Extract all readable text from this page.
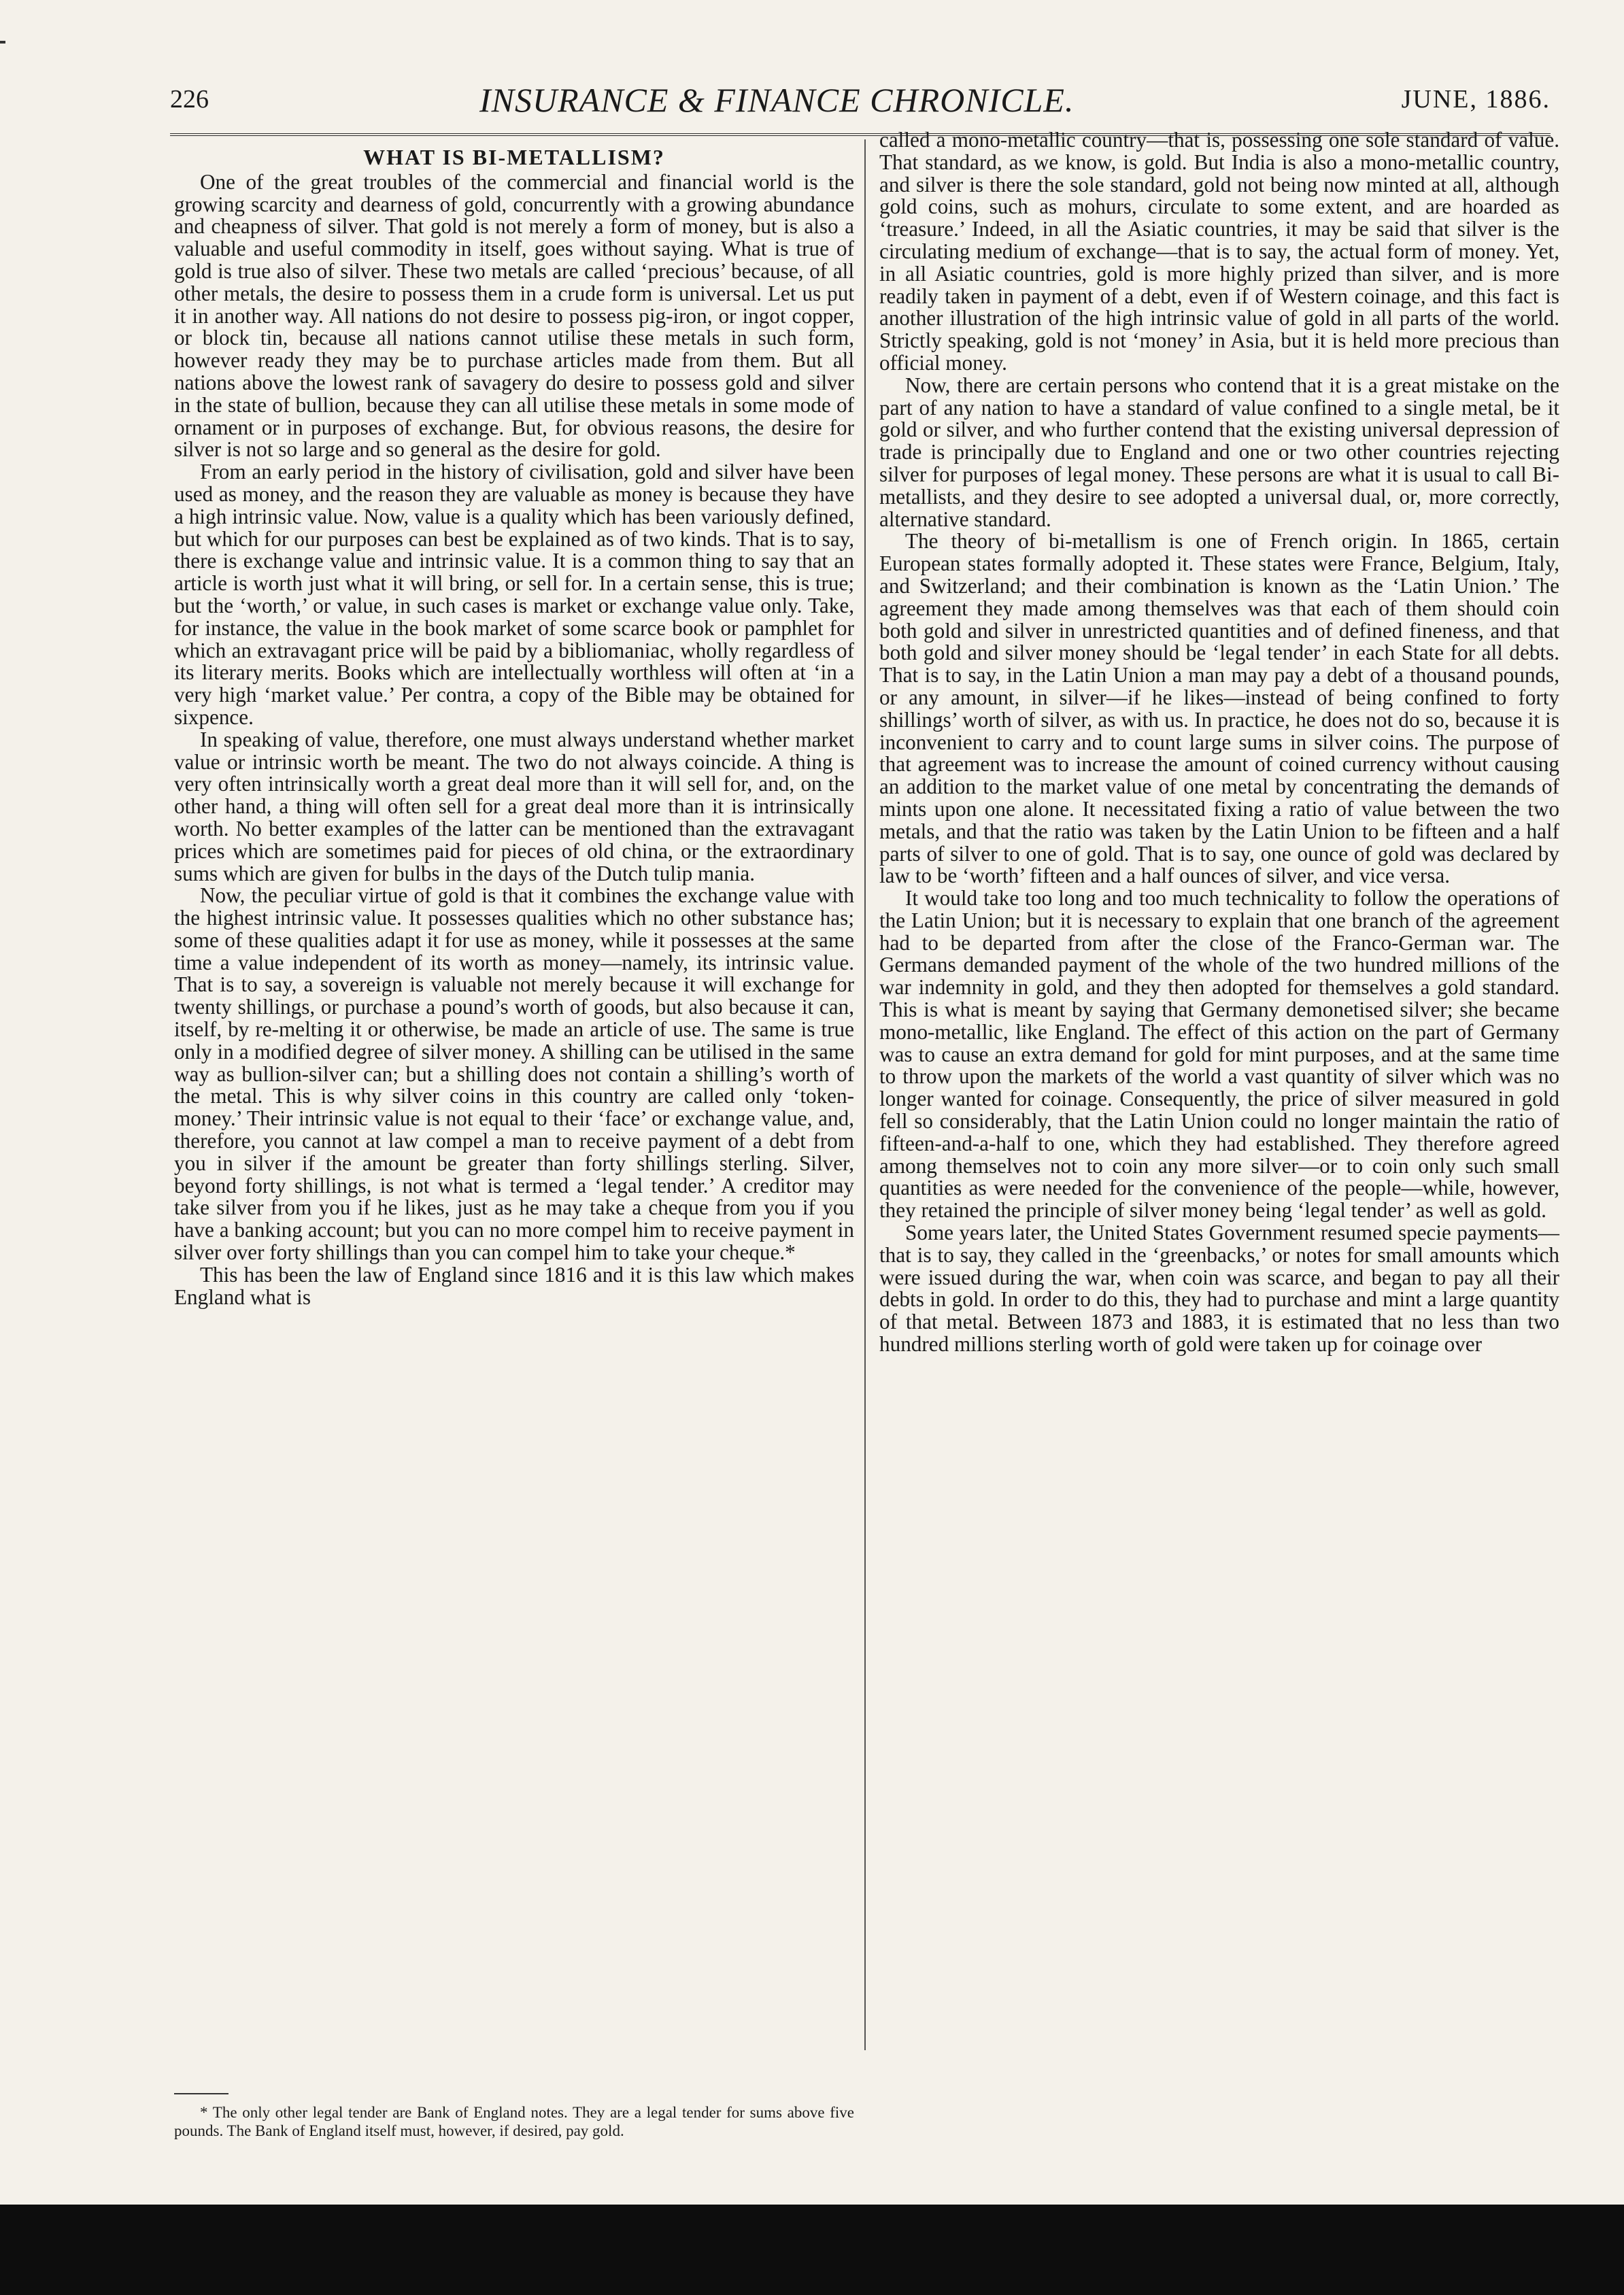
226	INSURANCE & FINANCE CHRONICLE.	JUNE, 1886.
WHAT IS BI-METALLISM?

One of the great troubles of the commercial and financial world is the growing scarcity and dearness of gold, concurrently with a growing abundance and cheapness of silver. That gold is not merely a form of money, but is also a valuable and useful commodity in itself, goes without saying. What is true of gold is true also of silver. These two metals are called ‘precious’ because, of all other metals, the desire to possess them in a crude form is universal. Let us put it in another way. All nations do not desire to possess pig-iron, or ingot copper, or block tin, because all nations cannot utilise these metals in such form, however ready they may be to purchase articles made from them. But all nations above the lowest rank of savagery do desire to possess gold and silver in the state of bullion, because they can all utilise these metals in some mode of ornament or in purposes of exchange. But, for obvious reasons, the desire for silver is not so large and so general as the desire for gold.

From an early period in the history of civilisation, gold and silver have been used as money, and the reason they are valuable as money is because they have a high intrinsic value. Now, value is a quality which has been variously defined, but which for our purposes can best be explained as of two kinds. That is to say, there is exchange value and intrinsic value. It is a common thing to say that an article is worth just what it will bring, or sell for. In a certain sense, this is true; but the ‘worth,’ or value, in such cases is market or exchange value only. Take, for instance, the value in the book market of some scarce book or pamphlet for which an extravagant price will be paid by a bibliomaniac, wholly regardless of its literary merits. Books which are intellectually worthless will often at ‘in a very high ‘market value.’ Per contra, a copy of the Bible may be obtained for sixpence.

In speaking of value, therefore, one must always understand whether market value or intrinsic worth be meant. The two do not always coincide. A thing is very often intrinsically worth a great deal more than it will sell for, and, on the other hand, a thing will often sell for a great deal more than it is intrinsically worth. No better examples of the latter can be mentioned than the extravagant prices which are sometimes paid for pieces of old china, or the extraordinary sums which are given for bulbs in the days of the Dutch tulip mania.

Now, the peculiar virtue of gold is that it combines the exchange value with the highest intrinsic value. It possesses qualities which no other substance has; some of these qualities adapt it for use as money, while it possesses at the same time a value independent of its worth as money—namely, its intrinsic value. That is to say, a sovereign is valuable not merely because it will exchange for twenty shillings, or purchase a pound’s worth of goods, but also because it can, itself, by re-melting it or otherwise, be made an article of use. The same is true only in a modified degree of silver money. A shilling can be utilised in the same way as bullion-silver can; but a shilling does not contain a shilling’s worth of the metal. This is why silver coins in this country are called only ‘token-money.’ Their intrinsic value is not equal to their ‘face’ or exchange value, and, therefore, you cannot at law compel a man to receive payment of a debt from you in silver if the amount be greater than forty shillings sterling. Silver, beyond forty shillings, is not what is termed a ‘legal tender.’ A creditor may take silver from you if he likes, just as he may take a cheque from you if you have a banking account; but you can no more compel him to receive payment in silver over forty shillings than you can compel him to take your cheque.*

This has been the law of England since 1816 and it is this law which makes England what is

called a mono-metallic country—that is, possessing one sole standard of value. That standard, as we know, is gold. But India is also a mono-metallic country, and silver is there the sole standard, gold not being now minted at all, although gold coins, such as mohurs, circulate to some extent, and are hoarded as ‘treasure.’ Indeed, in all the Asiatic countries, it may be said that silver is the circulating medium of exchange—that is to say, the actual form of money. Yet, in all Asiatic countries, gold is more highly prized than silver, and is more readily taken in payment of a debt, even if of Western coinage, and this fact is another illustration of the high intrinsic value of gold in all parts of the world. Strictly speaking, gold is not ‘money’ in Asia, but it is held more precious than official money.

Now, there are certain persons who contend that it is a great mistake on the part of any nation to have a standard of value confined to a single metal, be it gold or silver, and who further contend that the existing universal depression of trade is principally due to England and one or two other countries rejecting silver for purposes of legal money. These persons are what it is usual to call Bi-metallists, and they desire to see adopted a universal dual, or, more correctly, alternative standard.

The theory of bi-metallism is one of French origin. In 1865, certain European states formally adopted it. These states were France, Belgium, Italy, and Switzerland; and their combination is known as the ‘Latin Union.’ The agreement they made among themselves was that each of them should coin both gold and silver in unrestricted quantities and of defined fineness, and that both gold and silver money should be ‘legal tender’ in each State for all debts. That is to say, in the Latin Union a man may pay a debt of a thousand pounds, or any amount, in silver—if he likes—instead of being confined to forty shillings’ worth of silver, as with us. In practice, he does not do so, because it is inconvenient to carry and to count large sums in silver coins. The purpose of that agreement was to increase the amount of coined currency without causing an addition to the market value of one metal by concentrating the demands of mints upon one alone. It necessitated fixing a ratio of value between the two metals, and that the ratio was taken by the Latin Union to be fifteen and a half parts of silver to one of gold. That is to say, one ounce of gold was declared by law to be ‘worth’ fifteen and a half ounces of silver, and vice versa.

It would take too long and too much technicality to follow the operations of the Latin Union; but it is necessary to explain that one branch of the agreement had to be departed from after the close of the Franco-German war. The Germans demanded payment of the whole of the two hundred millions of the war indemnity in gold, and they then adopted for themselves a gold standard. This is what is meant by saying that Germany demonetised silver; she became mono-metallic, like England. The effect of this action on the part of Germany was to cause an extra demand for gold for mint purposes, and at the same time to throw upon the markets of the world a vast quantity of silver which was no longer wanted for coinage. Consequently, the price of silver measured in gold fell so considerably, that the Latin Union could no longer maintain the ratio of fifteen-and-a-half to one, which they had established. They therefore agreed among themselves not to coin any more silver—or to coin only such small quantities as were needed for the convenience of the people—while, however, they retained the principle of silver money being ‘legal tender’ as well as gold.

Some years later, the United States Government resumed specie payments—that is to say, they called in the ‘greenbacks,’ or notes for small amounts which were issued during the war, when coin was scarce, and began to pay all their debts in gold. In order to do this, they had to purchase and mint a large quantity of that metal. Between 1873 and 1883, it is estimated that no less than two hundred millions sterling worth of gold were taken up for coinage over

* The only other legal tender are Bank of England notes. They are a legal tender for sums above five pounds. The Bank of England itself must, however, if desired, pay gold.
